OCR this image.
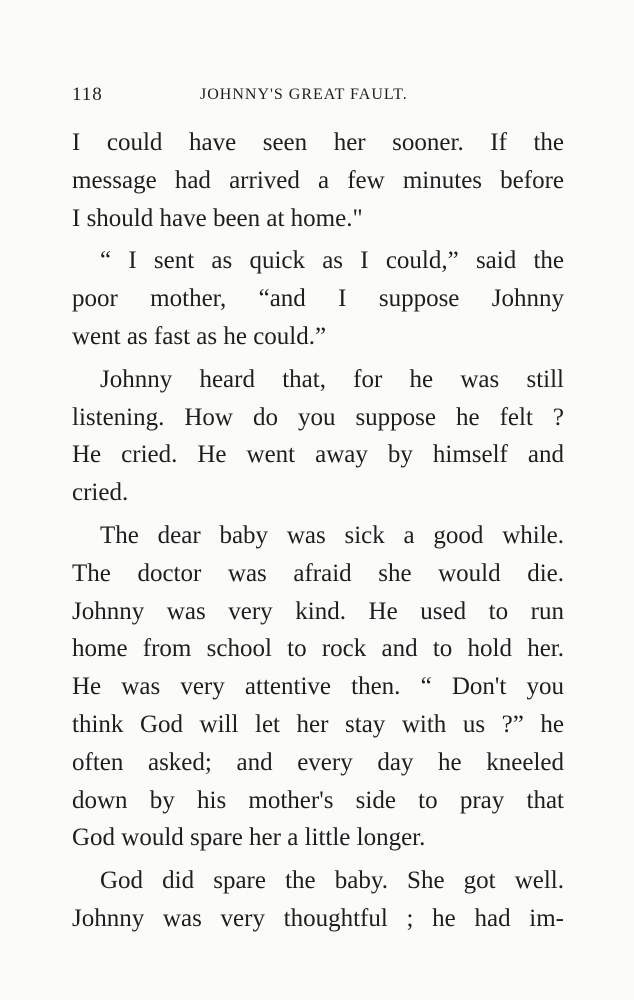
118	JOHNNY'S GREAT FAULT.
I could have seen her sooner. If the
message had arrived a few minutes before
I should have been at home."
“ I sent as quick as I could,” said the
poor mother, “and I suppose Johnny
went as fast as he could.”
Johnny heard that, for he was still
listening. How do you suppose he felt ?
He cried. He went away by himself and
cried.
The dear baby was sick a good while.
The doctor was afraid she would die.
Johnny was very kind. He used to run
home from school to rock and to hold her.
He was very attentive then. “ Don't you
think God will let her stay with us ?” he
often asked; and every day he kneeled
down by his mother's side to pray that
God would spare her a little longer.
God did spare the baby. She got well.
Johnny was very thoughtful ; he had im-
